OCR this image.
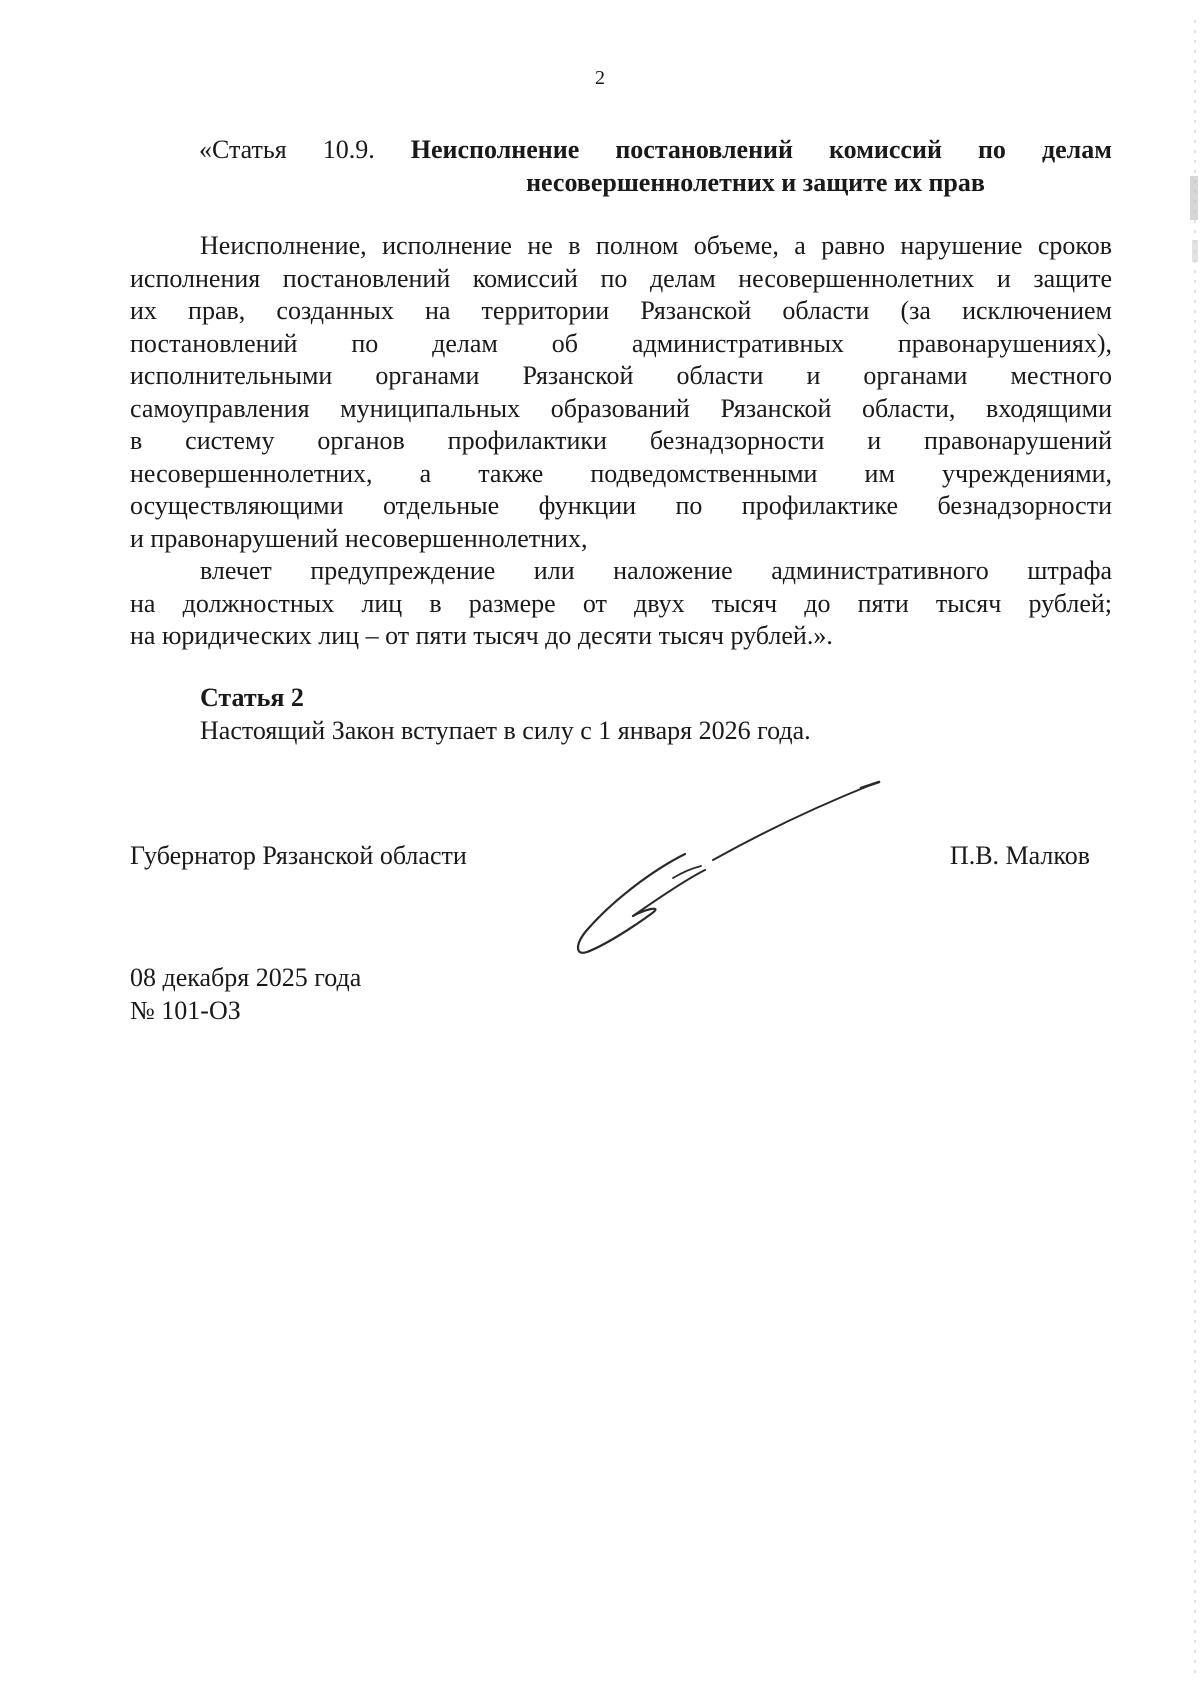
2
«Статья 10.9. Неисполнение постановлений комиссий по делам
несовершеннолетних и защите их прав
Неисполнение, исполнение не в полном объеме, а равно нарушение сроков
исполнения постановлений комиссий по делам несовершеннолетних и защите
их прав, созданных на территории Рязанской области (за исключением
постановлений по делам об административных правонарушениях),
исполнительными органами Рязанской области и органами местного
самоуправления муниципальных образований Рязанской области, входящими
в систему органов профилактики безнадзорности и правонарушений
несовершеннолетних, а также подведомственными им учреждениями,
осуществляющими отдельные функции по профилактике безнадзорности
и правонарушений несовершеннолетних,
влечет предупреждение или наложение административного штрафа
на должностных лиц в размере от двух тысяч до пяти тысяч рублей;
на юридических лиц – от пяти тысяч до десяти тысяч рублей.».
Статья 2
Настоящий Закон вступает в силу с 1 января 2026 года.
Губернатор Рязанской области	П.В. Малков
08 декабря 2025 года
№ 101-ОЗ
